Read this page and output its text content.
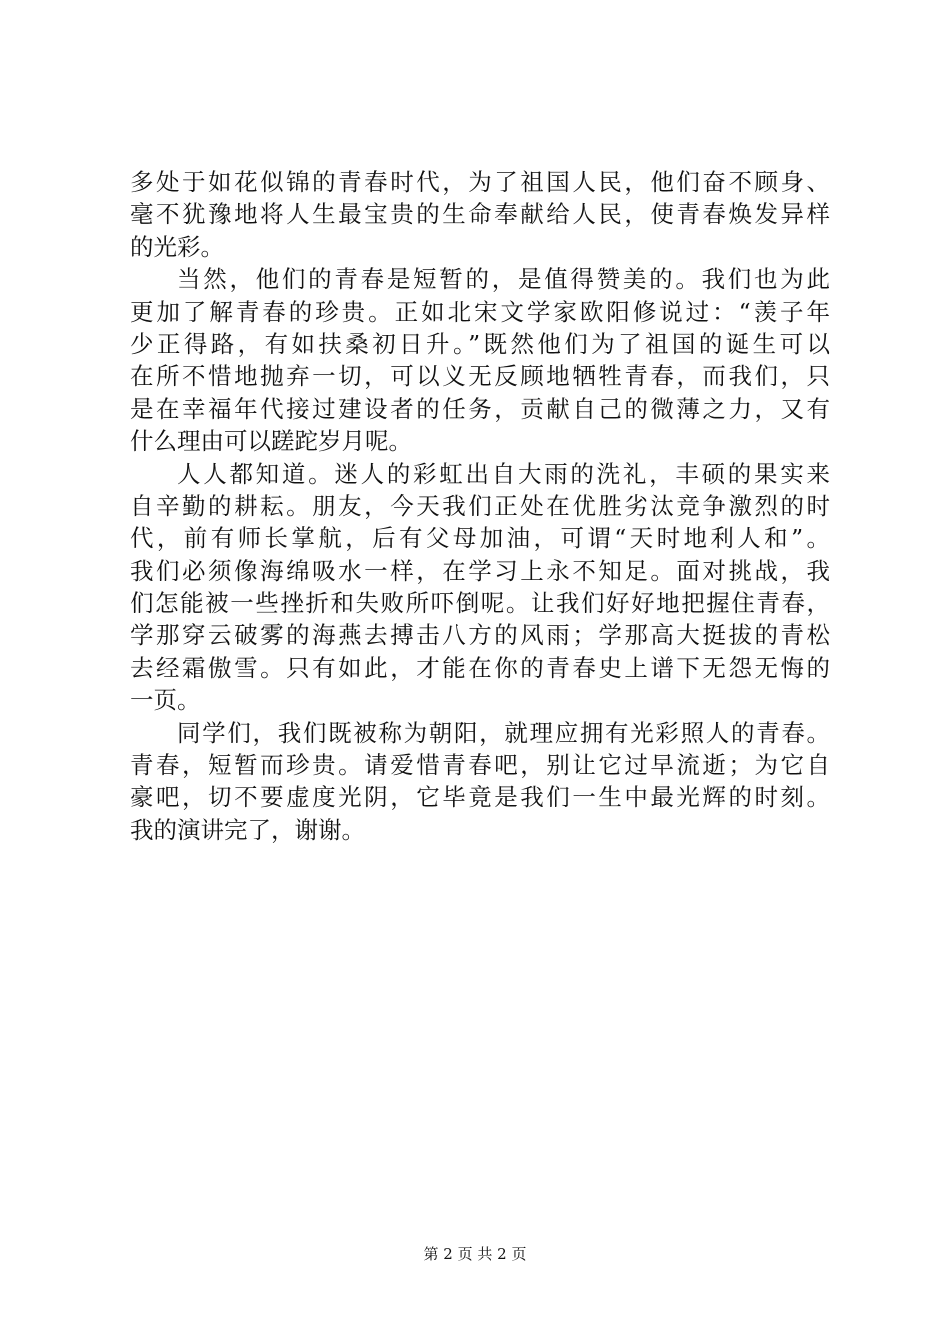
多处于如花似锦的青春时代，为了祖国人民，他们奋不顾身、
毫不犹豫地将人生最宝贵的生命奉献给人民，使青春焕发异样
的光彩。
当然，他们的青春是短暂的，是值得赞美的。我们也为此
更加了解青春的珍贵。正如北宋文学家欧阳修说过：“羡子年
少正得路，有如扶桑初日升。”既然他们为了祖国的诞生可以
在所不惜地抛弃一切，可以义无反顾地牺牲青春，而我们，只
是在幸福年代接过建设者的任务，贡献自己的微薄之力，又有
什么理由可以蹉跎岁月呢。
人人都知道。迷人的彩虹出自大雨的洗礼，丰硕的果实来
自辛勤的耕耘。朋友，今天我们正处在优胜劣汰竞争激烈的时
代，前有师长掌航，后有父母加油，可谓“天时地利人和”。
我们必须像海绵吸水一样，在学习上永不知足。面对挑战，我
们怎能被一些挫折和失败所吓倒呢。让我们好好地把握住青春，
学那穿云破雾的海燕去搏击八方的风雨；学那高大挺拔的青松
去经霜傲雪。只有如此，才能在你的青春史上谱下无怨无悔的
一页。
同学们，我们既被称为朝阳，就理应拥有光彩照人的青春。
青春，短暂而珍贵。请爱惜青春吧，别让它过早流逝；为它自
豪吧，切不要虚度光阴，它毕竟是我们一生中最光辉的时刻。
我的演讲完了，谢谢。
第 2 页 共 2 页
